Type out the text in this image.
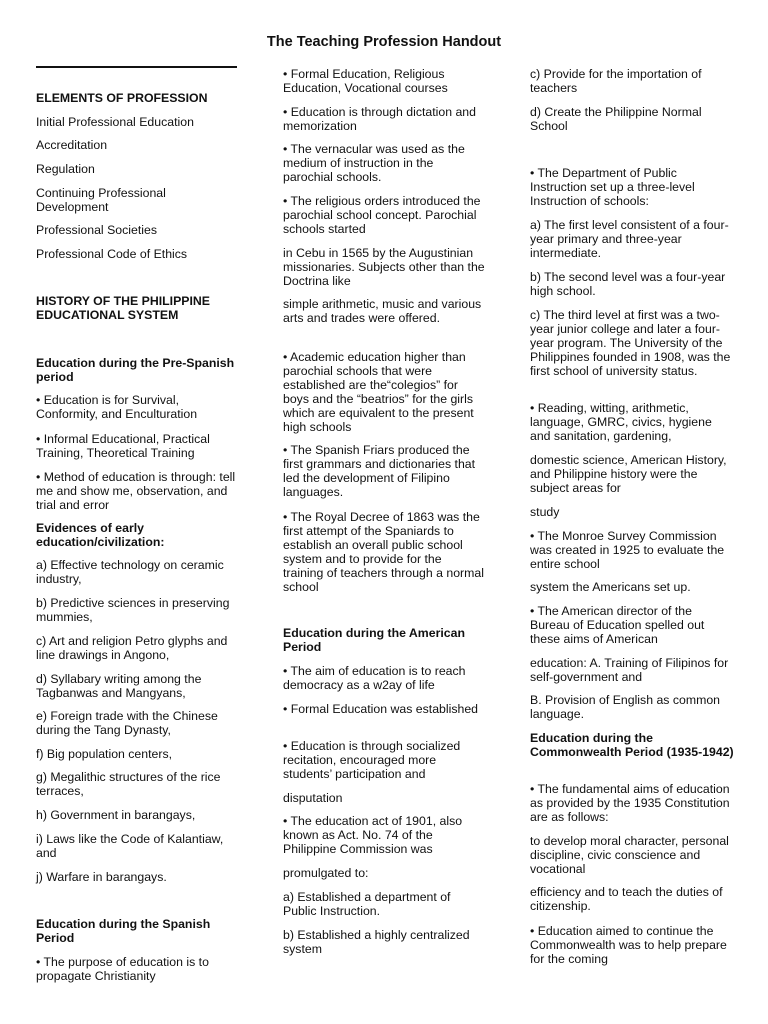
The Teaching Profession Handout

ELEMENTS OF PROFESSION

Initial Professional Education

Accreditation

Regulation

Continuing Professional Development

Professional Societies

Professional Code of Ethics

HISTORY OF THE PHILIPPINE EDUCATIONAL SYSTEM

Education during the Pre-Spanish period

• Education is for Survival, Conformity, and Enculturation

• Informal Educational, Practical Training, Theoretical Training

• Method of education is through: tell me and show me, observation, and trial and error

Evidences of early education/civilization:

a) Effective technology on ceramic industry,

b) Predictive sciences in preserving mummies,

c) Art and religion Petro glyphs and line drawings in Angono,

d) Syllabary writing among the Tagbanwas and Mangyans,

e) Foreign trade with the Chinese during the Tang Dynasty,

f) Big population centers,

g) Megalithic structures of the rice terraces,

h) Government in barangays,

i) Laws like the Code of Kalantiaw, and

j) Warfare in barangays.

Education during the Spanish Period

• The purpose of education is to propagate Christianity

• Formal Education, Religious Education, Vocational courses

• Education is through dictation and memorization

• The vernacular was used as the medium of instruction in the parochial schools.

• The religious orders introduced the parochial school concept. Parochial schools started

in Cebu in 1565 by the Augustinian missionaries. Subjects other than the Doctrina like

simple arithmetic, music and various arts and trades were offered.

• Academic education higher than parochial schools that were established are the“colegios” for boys and the “beatrios” for the girls which are equivalent to the present high schools

• The Spanish Friars produced the first grammars and dictionaries that led the development of Filipino languages.

• The Royal Decree of 1863 was the first attempt of the Spaniards to establish an overall public school system and to provide for the training of teachers through a normal school

Education during the American Period

• The aim of education is to reach democracy as a w2ay of life

• Formal Education was established

• Education is through socialized recitation, encouraged more students’ participation and

disputation

• The education act of 1901, also known as Act. No. 74 of the Philippine Commission was

promulgated to:

a) Established a department of Public Instruction.

b) Established a highly centralized system

c) Provide for the importation of teachers

d) Create the Philippine Normal School

• The Department of Public Instruction set up a three-level Instruction of schools:

a) The first level consistent of a four-year primary and three-year intermediate.

b) The second level was a four-year high school.

c) The third level at first was a two-year junior college and later a four-year program. The University of the Philippines founded in 1908, was the first school of university status.

• Reading, witting, arithmetic, language, GMRC, civics, hygiene and sanitation, gardening,

domestic science, American History, and Philippine history were the subject areas for

study

• The Monroe Survey Commission was created in 1925 to evaluate the entire school

system the Americans set up.

• The American director of the Bureau of Education spelled out these aims of American

education: A. Training of Filipinos for self-government and

B. Provision of English as common language.

Education during the Commonwealth Period (1935-1942)

• The fundamental aims of education as provided by the 1935 Constitution are as follows:

to develop moral character, personal discipline, civic conscience and vocational

efficiency and to teach the duties of citizenship.

• Education aimed to continue the Commonwealth was to help prepare for the coming
